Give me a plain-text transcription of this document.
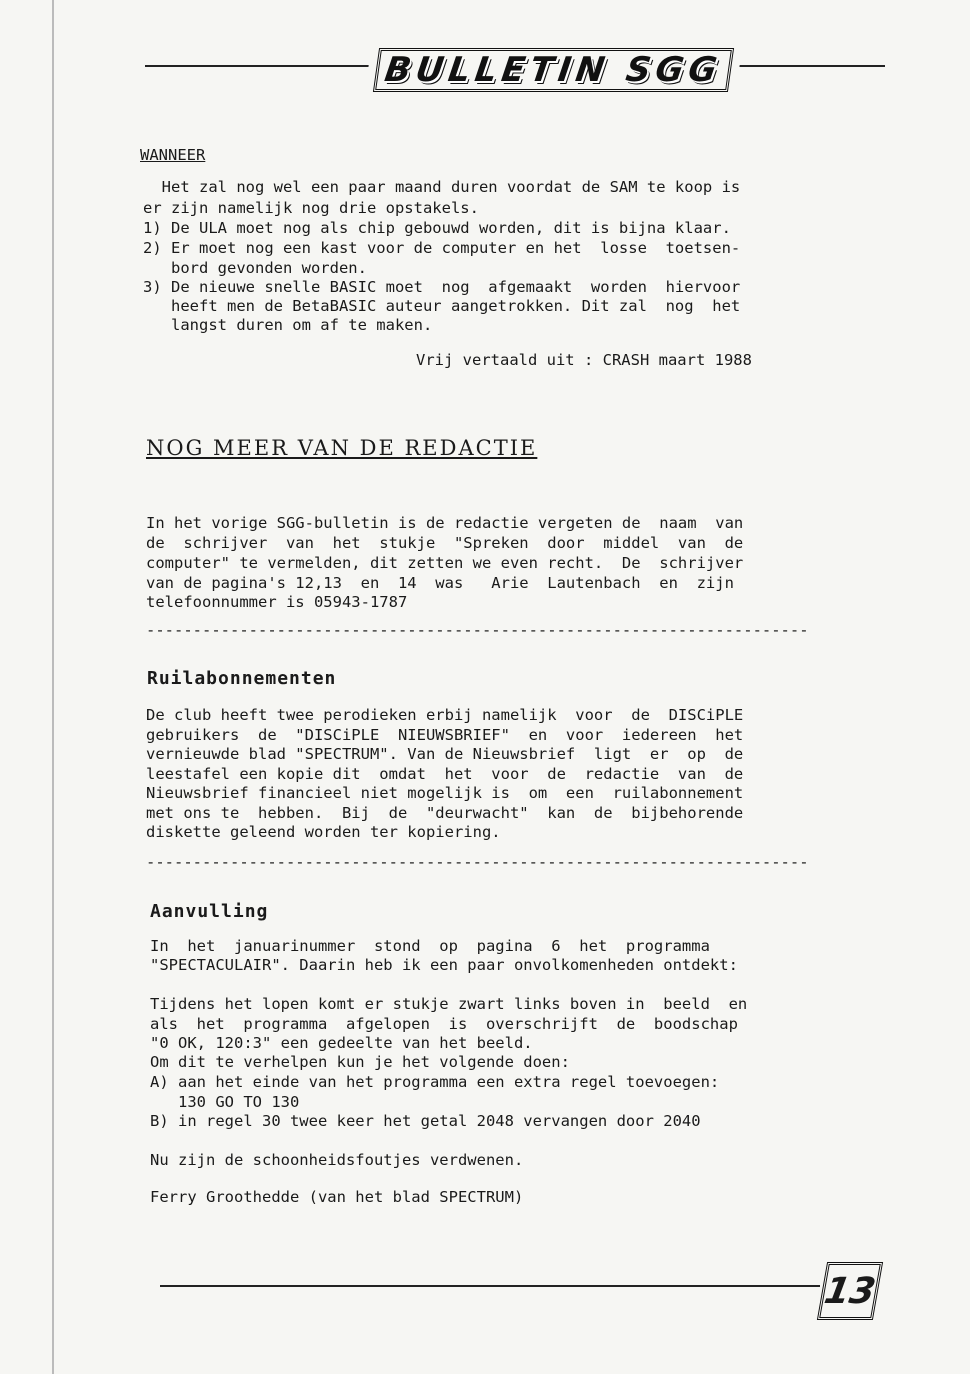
BULLETIN SGG
WANNEER
Het zal nog wel een paar maand duren voordat de SAM te koop is
er zijn namelijk nog drie opstakels.
1) De ULA moet nog als chip gebouwd worden, dit is bijna klaar.
2) Er moet nog een kast voor de computer en het  losse  toetsen-
bord gevonden worden.
3) De nieuwe snelle BASIC moet  nog  afgemaakt  worden  hiervoor
heeft men de BetaBASIC auteur aangetrokken. Dit zal  nog  het
langst duren om af te maken.
Vrij vertaald uit : CRASH maart 1988
NOG MEER VAN DE REDACTIE
In het vorige SGG-bulletin is de redactie vergeten de  naam  van
de  schrijver  van  het  stukje  "Spreken  door  middel  van  de
computer" te vermelden, dit zetten we even recht.  De  schrijver
van de pagina's 12,13  en  14  was   Arie  Lautenbach  en  zijn
telefoonnummer is 05943-1787
-----------------------------------------------------------------------
Ruilabonnementen
De club heeft twee perodieken erbij namelijk  voor  de  DISCiPLE
gebruikers  de  "DISCiPLE  NIEUWSBRIEF"  en  voor  iedereen  het
vernieuwde blad "SPECTRUM". Van de Nieuwsbrief  ligt  er  op  de
leestafel een kopie dit  omdat  het  voor  de  redactie  van  de
Nieuwsbrief financieel niet mogelijk is  om  een  ruilabonnement
met ons te  hebben.  Bij  de  "deurwacht"  kan  de  bijbehorende
diskette geleend worden ter kopiering.
-----------------------------------------------------------------------
Aanvulling
In  het  januarinummer  stond  op  pagina  6  het  programma
"SPECTACULAIR". Daarin heb ik een paar onvolkomenheden ontdekt:
Tijdens het lopen komt er stukje zwart links boven in  beeld  en
als  het  programma  afgelopen  is  overschrijft  de  boodschap
"0 OK, 120:3" een gedeelte van het beeld.
Om dit te verhelpen kun je het volgende doen:
A) aan het einde van het programma een extra regel toevoegen:
130 GO TO 130
B) in regel 30 twee keer het getal 2048 vervangen door 2040
Nu zijn de schoonheidsfoutjes verdwenen.
Ferry Groothedde (van het blad SPECTRUM)
13
